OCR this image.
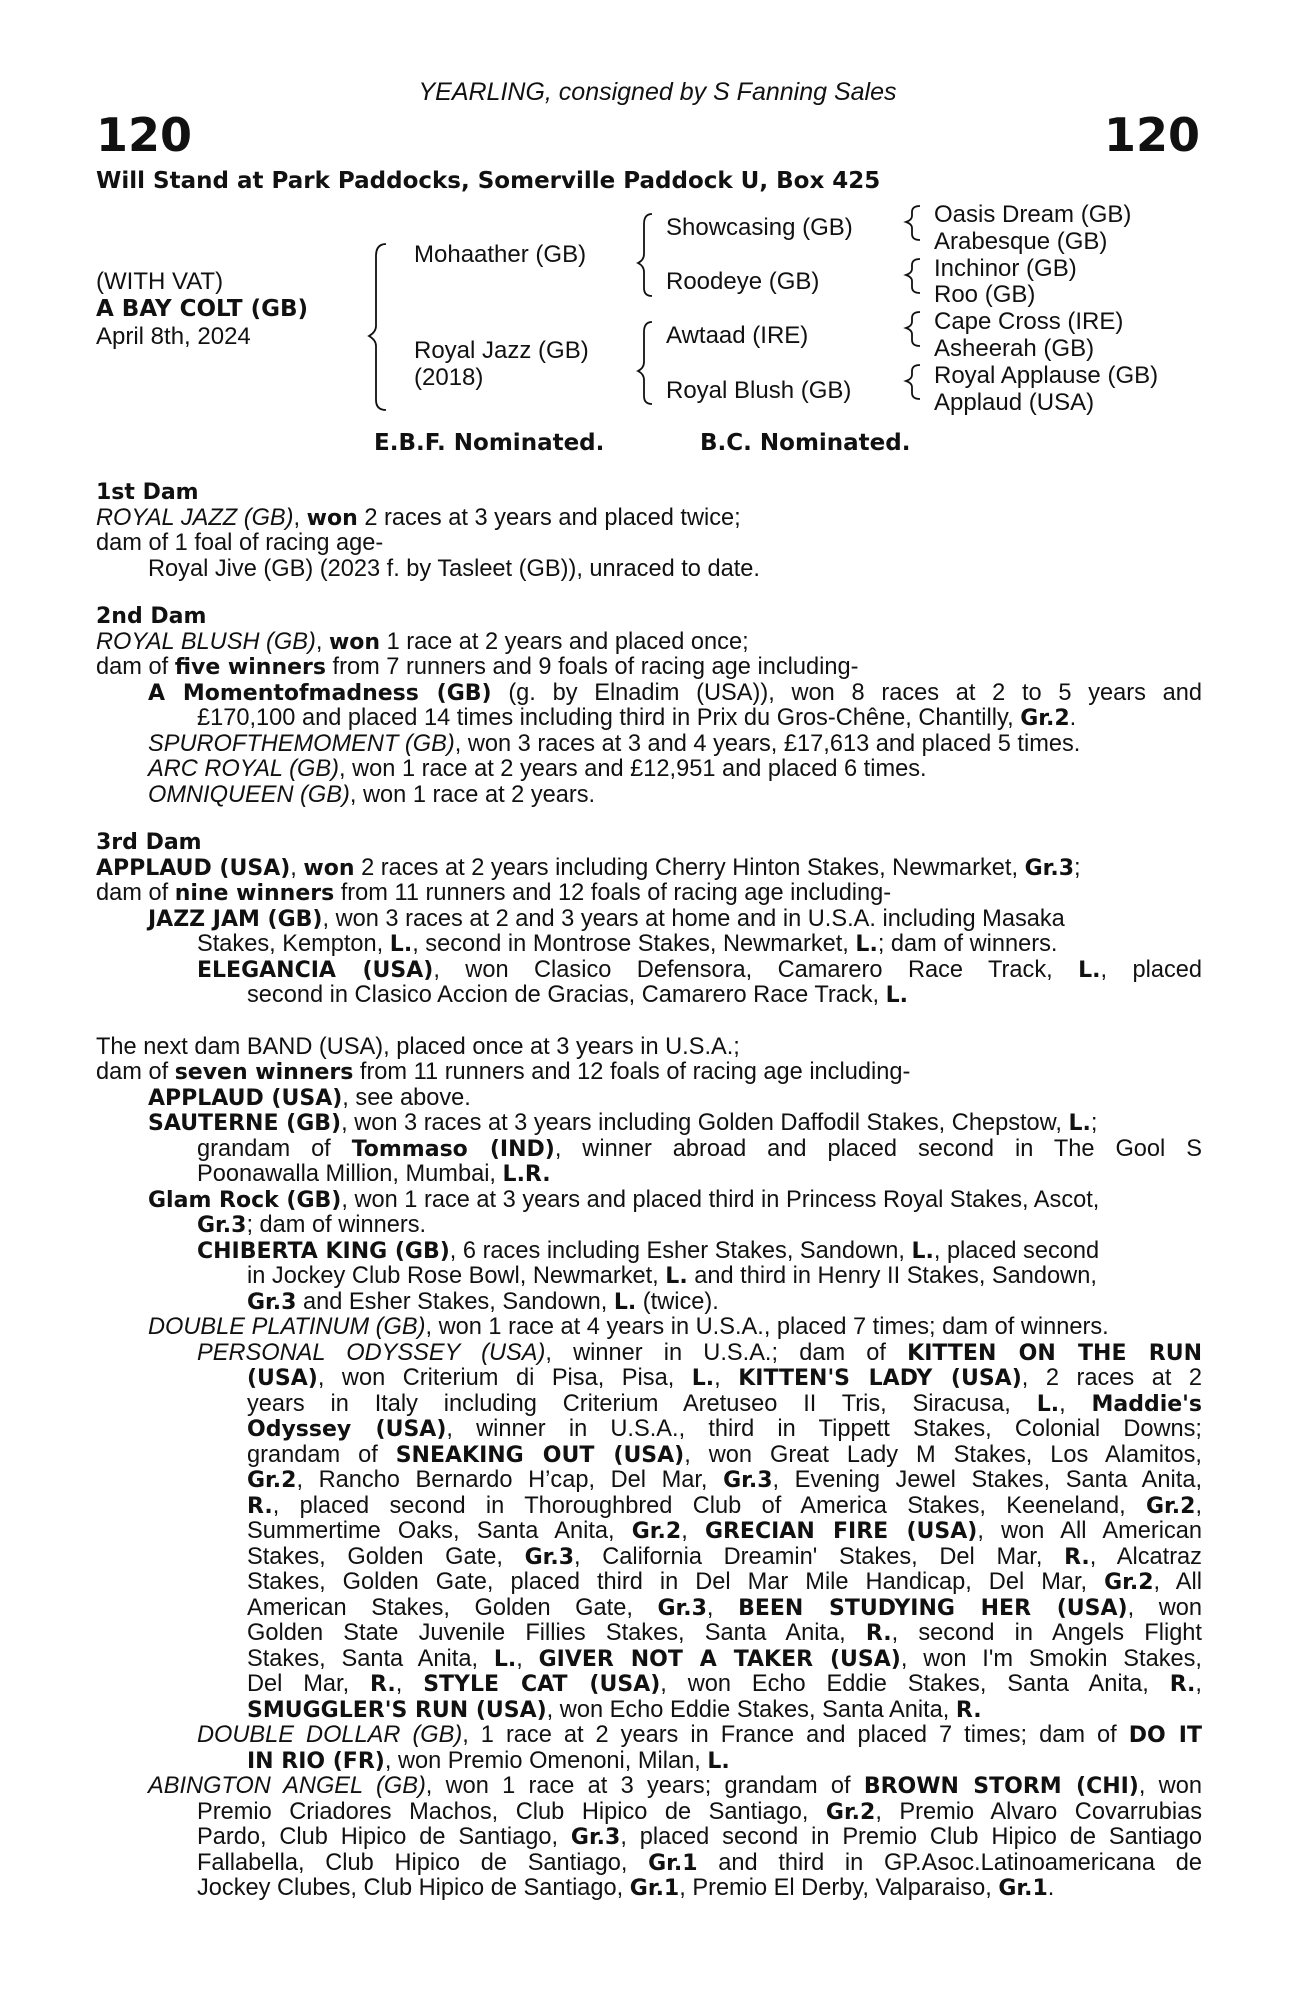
YEARLING, consigned by S Fanning Sales
120	120
Will Stand at Park Paddocks, Somerville Paddock U, Box 425
(WITH VAT)
A BAY COLT (GB)
April 8th, 2024
Mohaather (GB)
Royal Jazz (GB)
(2018)
Showcasing (GB)
Roodeye (GB)
Awtaad (IRE)
Royal Blush (GB)
Oasis Dream (GB)
Arabesque (GB)
Inchinor (GB)
Roo (GB)
Cape Cross (IRE)
Asheerah (GB)
Royal Applause (GB)
Applaud (USA)
E.B.F. Nominated.	B.C. Nominated.
1st Dam
ROYAL JAZZ (GB), won 2 races at 3 years and placed twice;
dam of 1 foal of racing age-
Royal Jive (GB) (2023 f. by Tasleet (GB)), unraced to date.
2nd Dam
ROYAL BLUSH (GB), won 1 race at 2 years and placed once;
dam of five winners from 7 runners and 9 foals of racing age including-
A Momentofmadness (GB) (g. by Elnadim (USA)), won 8 races at 2 to 5 years and
£170,100 and placed 14 times including third in Prix du Gros-Chêne, Chantilly, Gr.2.
SPUROFTHEMOMENT (GB), won 3 races at 3 and 4 years, £17,613 and placed 5 times.
ARC ROYAL (GB), won 1 race at 2 years and £12,951 and placed 6 times.
OMNIQUEEN (GB), won 1 race at 2 years.
3rd Dam
APPLAUD (USA), won 2 races at 2 years including Cherry Hinton Stakes, Newmarket, Gr.3;
dam of nine winners from 11 runners and 12 foals of racing age including-
JAZZ JAM (GB), won 3 races at 2 and 3 years at home and in U.S.A. including Masaka
Stakes, Kempton, L., second in Montrose Stakes, Newmarket, L.; dam of winners.
ELEGANCIA (USA), won Clasico Defensora, Camarero Race Track, L., placed
second in Clasico Accion de Gracias, Camarero Race Track, L.
The next dam BAND (USA), placed once at 3 years in U.S.A.;
dam of seven winners from 11 runners and 12 foals of racing age including-
APPLAUD (USA), see above.
SAUTERNE (GB), won 3 races at 3 years including Golden Daffodil Stakes, Chepstow, L.;
grandam of Tommaso (IND), winner abroad and placed second in The Gool S
Poonawalla Million, Mumbai, L.R.
Glam Rock (GB), won 1 race at 3 years and placed third in Princess Royal Stakes, Ascot,
Gr.3; dam of winners.
CHIBERTA KING (GB), 6 races including Esher Stakes, Sandown, L., placed second
in Jockey Club Rose Bowl, Newmarket, L. and third in Henry II Stakes, Sandown,
Gr.3 and Esher Stakes, Sandown, L. (twice).
DOUBLE PLATINUM (GB), won 1 race at 4 years in U.S.A., placed 7 times; dam of winners.
PERSONAL ODYSSEY (USA), winner in U.S.A.; dam of KITTEN ON THE RUN
(USA), won Criterium di Pisa, Pisa, L., KITTEN'S LADY (USA), 2 races at 2
years in Italy including Criterium Aretuseo II Tris, Siracusa, L., Maddie's
Odyssey (USA), winner in U.S.A., third in Tippett Stakes, Colonial Downs;
grandam of SNEAKING OUT (USA), won Great Lady M Stakes, Los Alamitos,
Gr.2, Rancho Bernardo H’cap, Del Mar, Gr.3, Evening Jewel Stakes, Santa Anita,
R., placed second in Thoroughbred Club of America Stakes, Keeneland, Gr.2,
Summertime Oaks, Santa Anita, Gr.2, GRECIAN FIRE (USA), won All American
Stakes, Golden Gate, Gr.3, California Dreamin' Stakes, Del Mar, R., Alcatraz
Stakes, Golden Gate, placed third in Del Mar Mile Handicap, Del Mar, Gr.2, All
American Stakes, Golden Gate, Gr.3, BEEN STUDYING HER (USA), won
Golden State Juvenile Fillies Stakes, Santa Anita, R., second in Angels Flight
Stakes, Santa Anita, L., GIVER NOT A TAKER (USA), won I'm Smokin Stakes,
Del Mar, R., STYLE CAT (USA), won Echo Eddie Stakes, Santa Anita, R.,
SMUGGLER'S RUN (USA), won Echo Eddie Stakes, Santa Anita, R.
DOUBLE DOLLAR (GB), 1 race at 2 years in France and placed 7 times; dam of DO IT
IN RIO (FR), won Premio Omenoni, Milan, L.
ABINGTON ANGEL (GB), won 1 race at 3 years; grandam of BROWN STORM (CHI), won
Premio Criadores Machos, Club Hipico de Santiago, Gr.2, Premio Alvaro Covarrubias
Pardo, Club Hipico de Santiago, Gr.3, placed second in Premio Club Hipico de Santiago
Fallabella, Club Hipico de Santiago, Gr.1 and third in GP.Asoc.Latinoamericana de
Jockey Clubes, Club Hipico de Santiago, Gr.1, Premio El Derby, Valparaiso, Gr.1.
